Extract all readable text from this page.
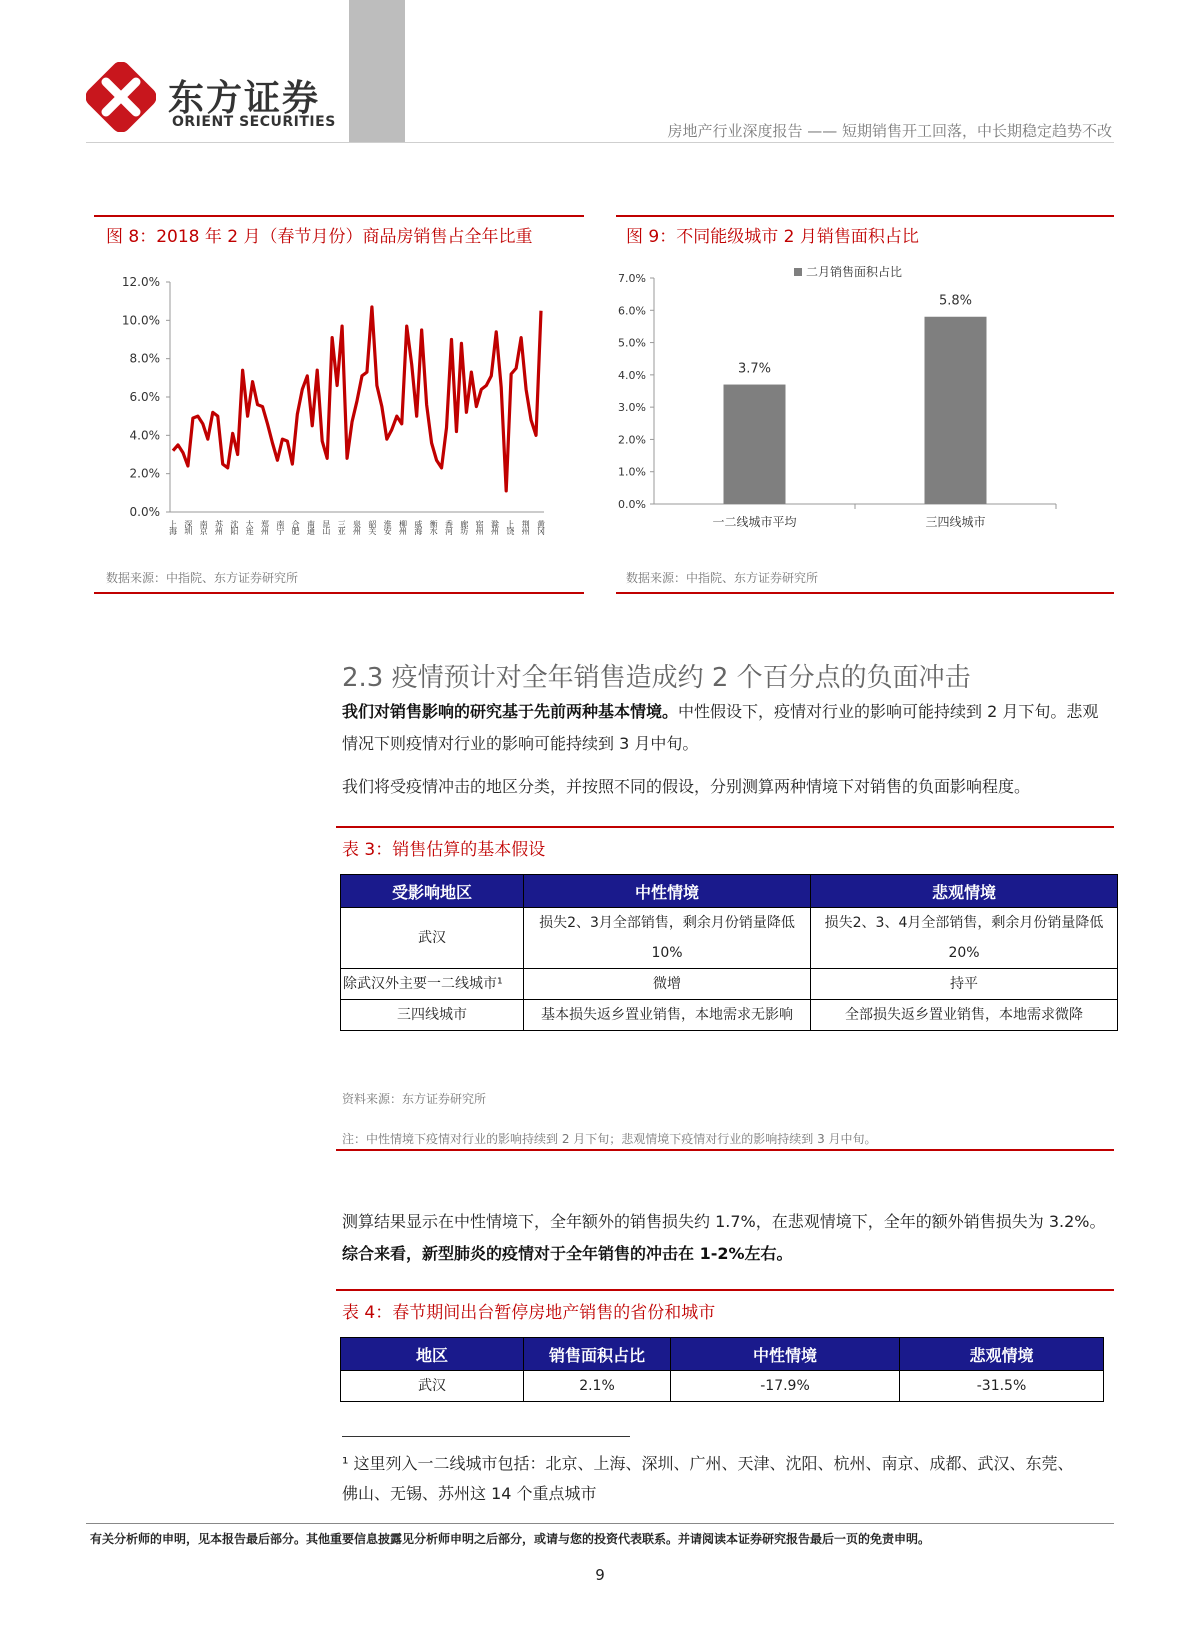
东方证券
ORIENT SECURITIES	房地产行业深度报告 —— 短期销售开工回落，中长期稳定趋势不改
图 8：2018 年 2 月（春节月份）商品房销售占全年比重
0.0%
2.0%
4.0%
6.0%
8.0%
10.0%
12.0%
上海 深圳 南京 苏州 沈阳 大连 郑州 南宁 合肥 南通 昆山 三亚 泉州 韶关 淮安 柳州 威海 衡水 香河 廊坊 宿州 滁州 上饶 荆州 黄冈
数据来源：中指院、东方证券研究所
图 9：不同能级城市 2 月销售面积占比
0.0%
1.0%
2.0%
3.0%
4.0%
5.0%
6.0%
7.0%	二月销售面积占比
3.7%
一二线城市平均
5.8%
三四线城市
数据来源：中指院、东方证券研究所
2.3 疫情预计对全年销售造成约 2 个百分点的负面冲击
我们对销售影响的研究基于先前两种基本情境。中性假设下，疫情对行业的影响可能持续到 2 月下旬。悲观情况下则疫情对行业的影响可能持续到 3 月中旬。
我们将受疫情冲击的地区分类，并按照不同的假设，分别测算两种情境下对销售的负面影响程度。
表 3：销售估算的基本假设
受影响地区	中性情境	悲观情境
武汉	损失2、3月全部销售，剩余月份销量降低10%	损失2、3、4月全部销售，剩余月份销量降低20%
除武汉外主要一二线城市¹	微增	持平
三四线城市	基本损失返乡置业销售，本地需求无影响	全部损失返乡置业销售，本地需求微降
资料来源：东方证券研究所
注：中性情境下疫情对行业的影响持续到 2 月下旬；悲观情境下疫情对行业的影响持续到 3 月中旬。
测算结果显示在中性情境下，全年额外的销售损失约 1.7%，在悲观情境下，全年的额外销售损失为 3.2%。综合来看，新型肺炎的疫情对于全年销售的冲击在 1-2%左右。
表 4：春节期间出台暂停房地产销售的省份和城市
地区	销售面积占比	中性情境	悲观情境
武汉	2.1%	-17.9%	-31.5%
¹ 这里列入一二线城市包括：北京、上海、深圳、广州、天津、沈阳、杭州、南京、成都、武汉、东莞、佛山、无锡、苏州这 14 个重点城市
有关分析师的申明，见本报告最后部分。其他重要信息披露见分析师申明之后部分，或请与您的投资代表联系。并请阅读本证券研究报告最后一页的免责申明。
9
